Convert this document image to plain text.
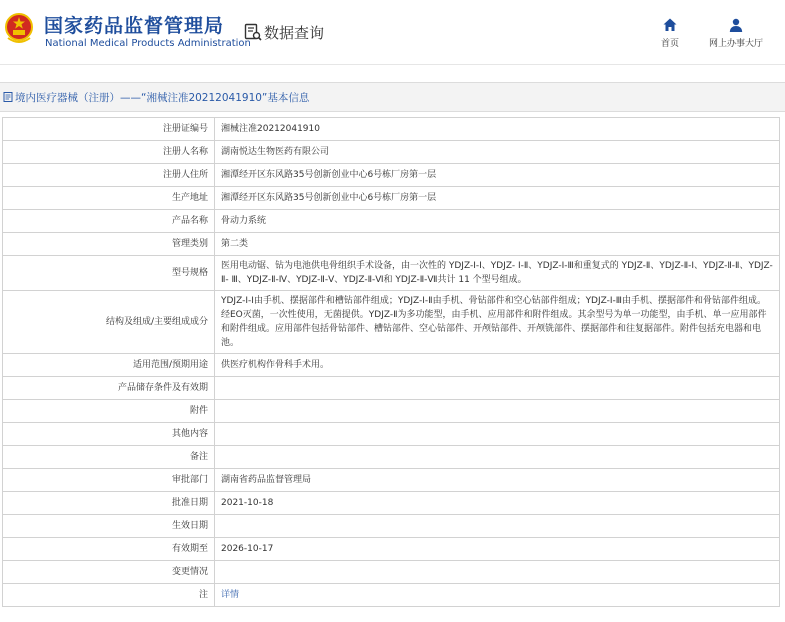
国家药品监督管理局
National Medical Products Administration
数据查询
首页	网上办事大厅
境内医疗器械（注册）——“湘械注准20212041910”基本信息
注册证编号	湘械注准20212041910
注册人名称	湖南悦达生物医药有限公司
注册人住所	湘潭经开区东风路35号创新创业中心6号栋厂房第一层
生产地址	湘潭经开区东风路35号创新创业中心6号栋厂房第一层
产品名称	骨动力系统
管理类别	第二类
型号规格	医用电动锯、钻为电池供电骨组织手术设备，由一次性的 YDJZ-Ⅰ-Ⅰ、YDJZ- Ⅰ-Ⅱ、YDJZ-Ⅰ-Ⅲ和重复式的 YDJZ-Ⅱ、YDJZ-Ⅱ-Ⅰ、YDJZ-Ⅱ-Ⅱ、YDJZ-Ⅱ- Ⅲ、YDJZ-Ⅱ-Ⅳ、YDJZ-Ⅱ-Ⅴ、YDJZ-Ⅱ-Ⅵ和 YDJZ-Ⅱ-Ⅶ共计 11 个型号组成。
结构及组成/主要组成成分	YDJZ-Ⅰ-Ⅰ由手机、摆据部件和槽钻部件组成；YDJZ-Ⅰ-Ⅱ由手机、骨钻部件和空心钻部件组成；YDJZ-Ⅰ-Ⅲ由手机、摆据部件和骨钻部件组成。经EO灭菌，一次性使用，无菌提供。YDJZ-Ⅱ为多功能型，由手机、应用部件和附件组成。其余型号为单一功能型，由手机、单一应用部件和附件组成。应用部件包括骨钻部件、槽钻部件、空心钻部件、开颅钻部件、开颅铣部件、摆据部件和往复据部件。附件包括充电器和电池。
适用范围/预期用途	供医疗机构作骨科手术用。
产品储存条件及有效期	
附件	
其他内容	
备注	
审批部门	湖南省药品监督管理局
批准日期	2021-10-18
生效日期	
有效期至	2026-10-17
变更情况	
注	详情
